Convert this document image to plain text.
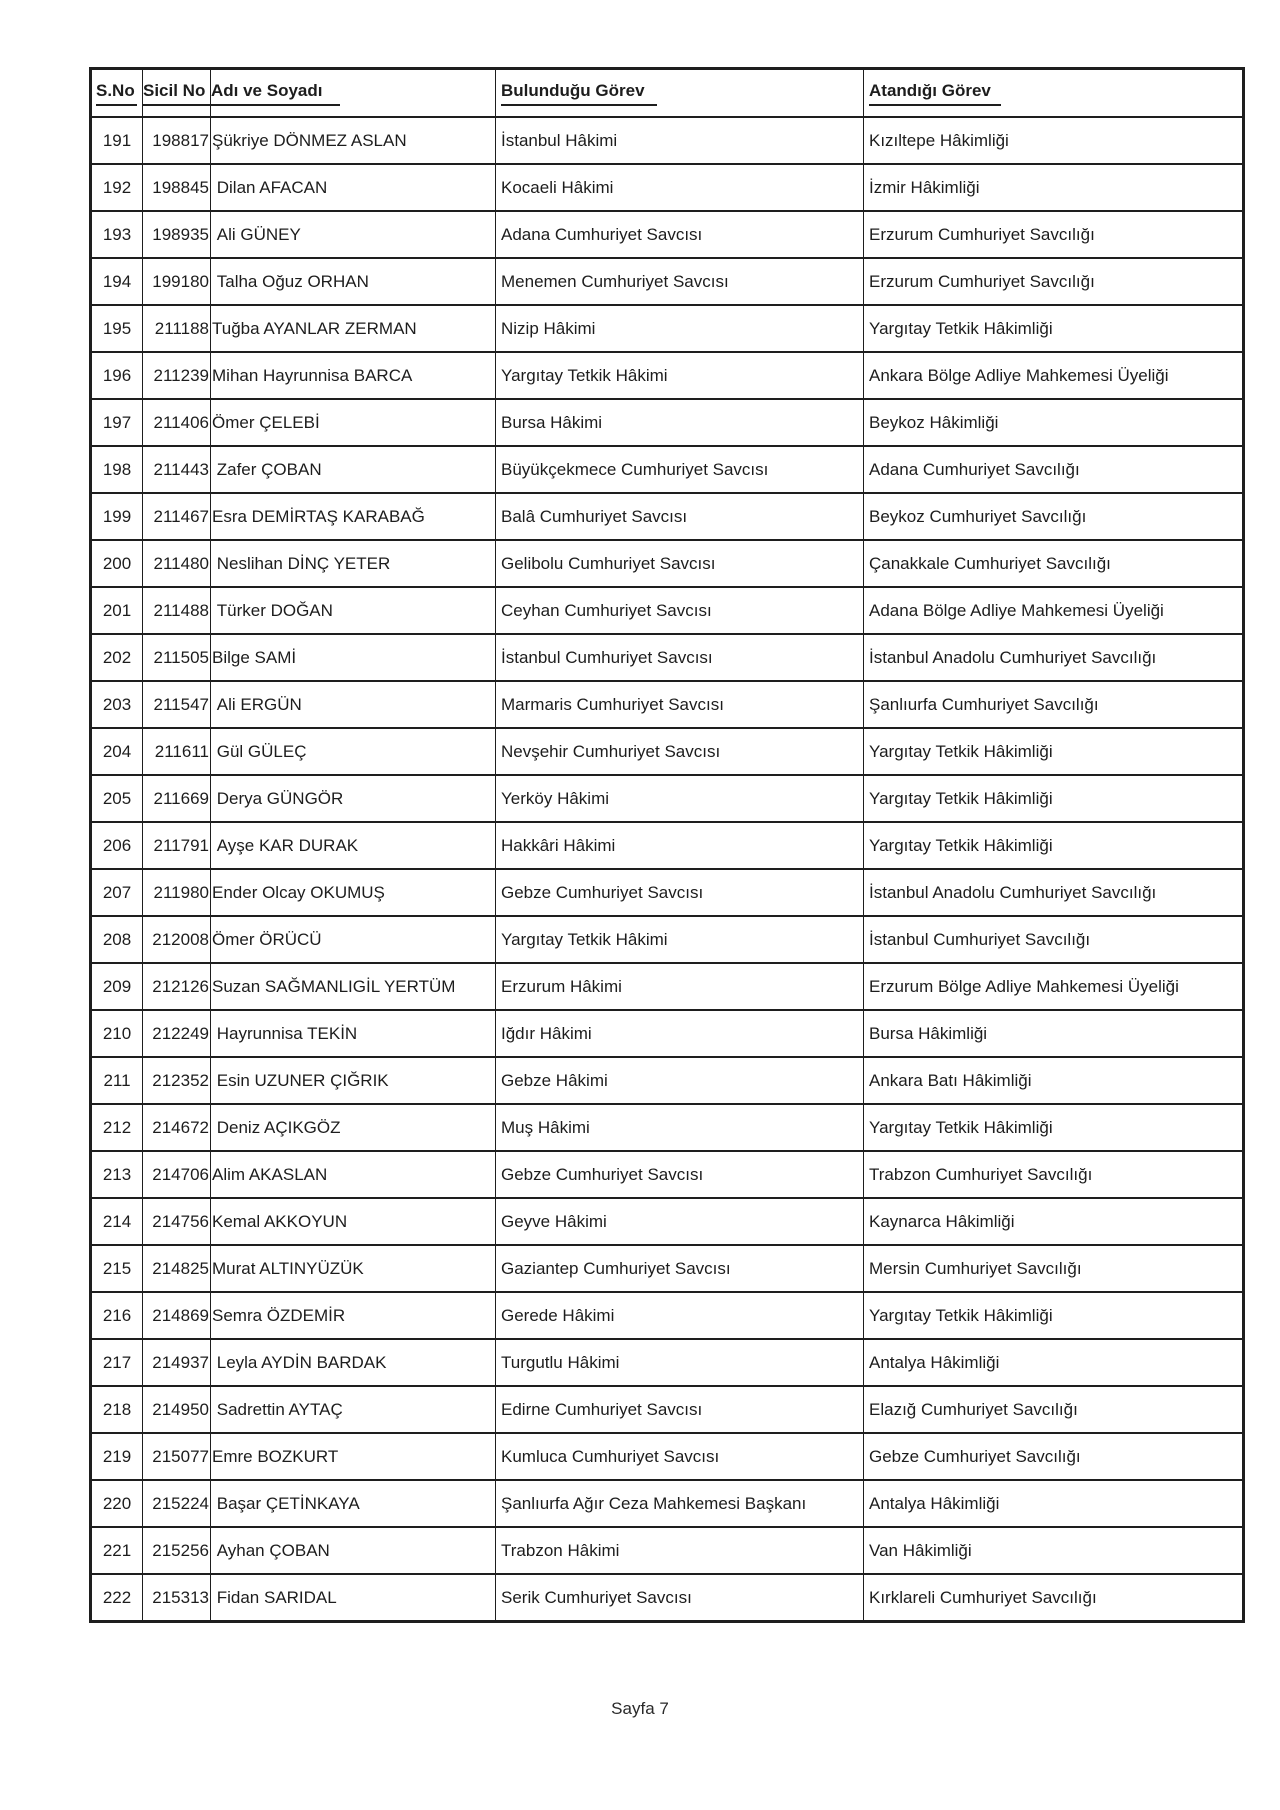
S.No	Sicil No	Adı ve Soyadı	Bulunduğu Görev	Atandığı Görev
191	198817	Şükriye DÖNMEZ ASLAN	İstanbul Hâkimi	Kızıltepe Hâkimliği
192	198845	Dilan AFACAN	Kocaeli Hâkimi	İzmir Hâkimliği
193	198935	Ali GÜNEY	Adana Cumhuriyet Savcısı	Erzurum Cumhuriyet Savcılığı
194	199180	Talha Oğuz ORHAN	Menemen Cumhuriyet Savcısı	Erzurum Cumhuriyet Savcılığı
195	211188	Tuğba AYANLAR ZERMAN	Nizip Hâkimi	Yargıtay Tetkik Hâkimliği
196	211239	Mihan Hayrunnisa BARCA	Yargıtay Tetkik Hâkimi	Ankara Bölge Adliye Mahkemesi Üyeliği
197	211406	Ömer ÇELEBİ	Bursa Hâkimi	Beykoz Hâkimliği
198	211443	Zafer ÇOBAN	Büyükçekmece Cumhuriyet Savcısı	Adana Cumhuriyet Savcılığı
199	211467	Esra DEMİRTAŞ KARABAĞ	Balâ Cumhuriyet Savcısı	Beykoz Cumhuriyet Savcılığı
200	211480	Neslihan DİNÇ YETER	Gelibolu Cumhuriyet Savcısı	Çanakkale Cumhuriyet Savcılığı
201	211488	Türker DOĞAN	Ceyhan Cumhuriyet Savcısı	Adana Bölge Adliye Mahkemesi Üyeliği
202	211505	Bilge SAMİ	İstanbul Cumhuriyet Savcısı	İstanbul Anadolu Cumhuriyet Savcılığı
203	211547	Ali ERGÜN	Marmaris Cumhuriyet Savcısı	Şanlıurfa Cumhuriyet Savcılığı
204	211611	Gül GÜLEÇ	Nevşehir Cumhuriyet Savcısı	Yargıtay Tetkik Hâkimliği
205	211669	Derya GÜNGÖR	Yerköy Hâkimi	Yargıtay Tetkik Hâkimliği
206	211791	Ayşe KAR DURAK	Hakkâri Hâkimi	Yargıtay Tetkik Hâkimliği
207	211980	Ender Olcay OKUMUŞ	Gebze Cumhuriyet Savcısı	İstanbul Anadolu Cumhuriyet Savcılığı
208	212008	Ömer ÖRÜCÜ	Yargıtay Tetkik Hâkimi	İstanbul Cumhuriyet Savcılığı
209	212126	Suzan SAĞMANLIGİL YERTÜM	Erzurum Hâkimi	Erzurum Bölge Adliye Mahkemesi Üyeliği
210	212249	Hayrunnisa TEKİN	Iğdır Hâkimi	Bursa Hâkimliği
211	212352	Esin UZUNER ÇIĞRIK	Gebze Hâkimi	Ankara Batı Hâkimliği
212	214672	Deniz AÇIKGÖZ	Muş Hâkimi	Yargıtay Tetkik Hâkimliği
213	214706	Alim AKASLAN	Gebze Cumhuriyet Savcısı	Trabzon Cumhuriyet Savcılığı
214	214756	Kemal AKKOYUN	Geyve Hâkimi	Kaynarca Hâkimliği
215	214825	Murat ALTINYÜZÜK	Gaziantep Cumhuriyet Savcısı	Mersin Cumhuriyet Savcılığı
216	214869	Semra ÖZDEMİR	Gerede Hâkimi	Yargıtay Tetkik Hâkimliği
217	214937	Leyla AYDİN BARDAK	Turgutlu Hâkimi	Antalya Hâkimliği
218	214950	Sadrettin AYTAÇ	Edirne Cumhuriyet Savcısı	Elazığ Cumhuriyet Savcılığı
219	215077	Emre BOZKURT	Kumluca Cumhuriyet Savcısı	Gebze Cumhuriyet Savcılığı
220	215224	Başar ÇETİNKAYA	Şanlıurfa Ağır Ceza Mahkemesi Başkanı	Antalya Hâkimliği
221	215256	Ayhan ÇOBAN	Trabzon Hâkimi	Van Hâkimliği
222	215313	Fidan SARIDAL	Serik Cumhuriyet Savcısı	Kırklareli Cumhuriyet Savcılığı
Sayfa 7
